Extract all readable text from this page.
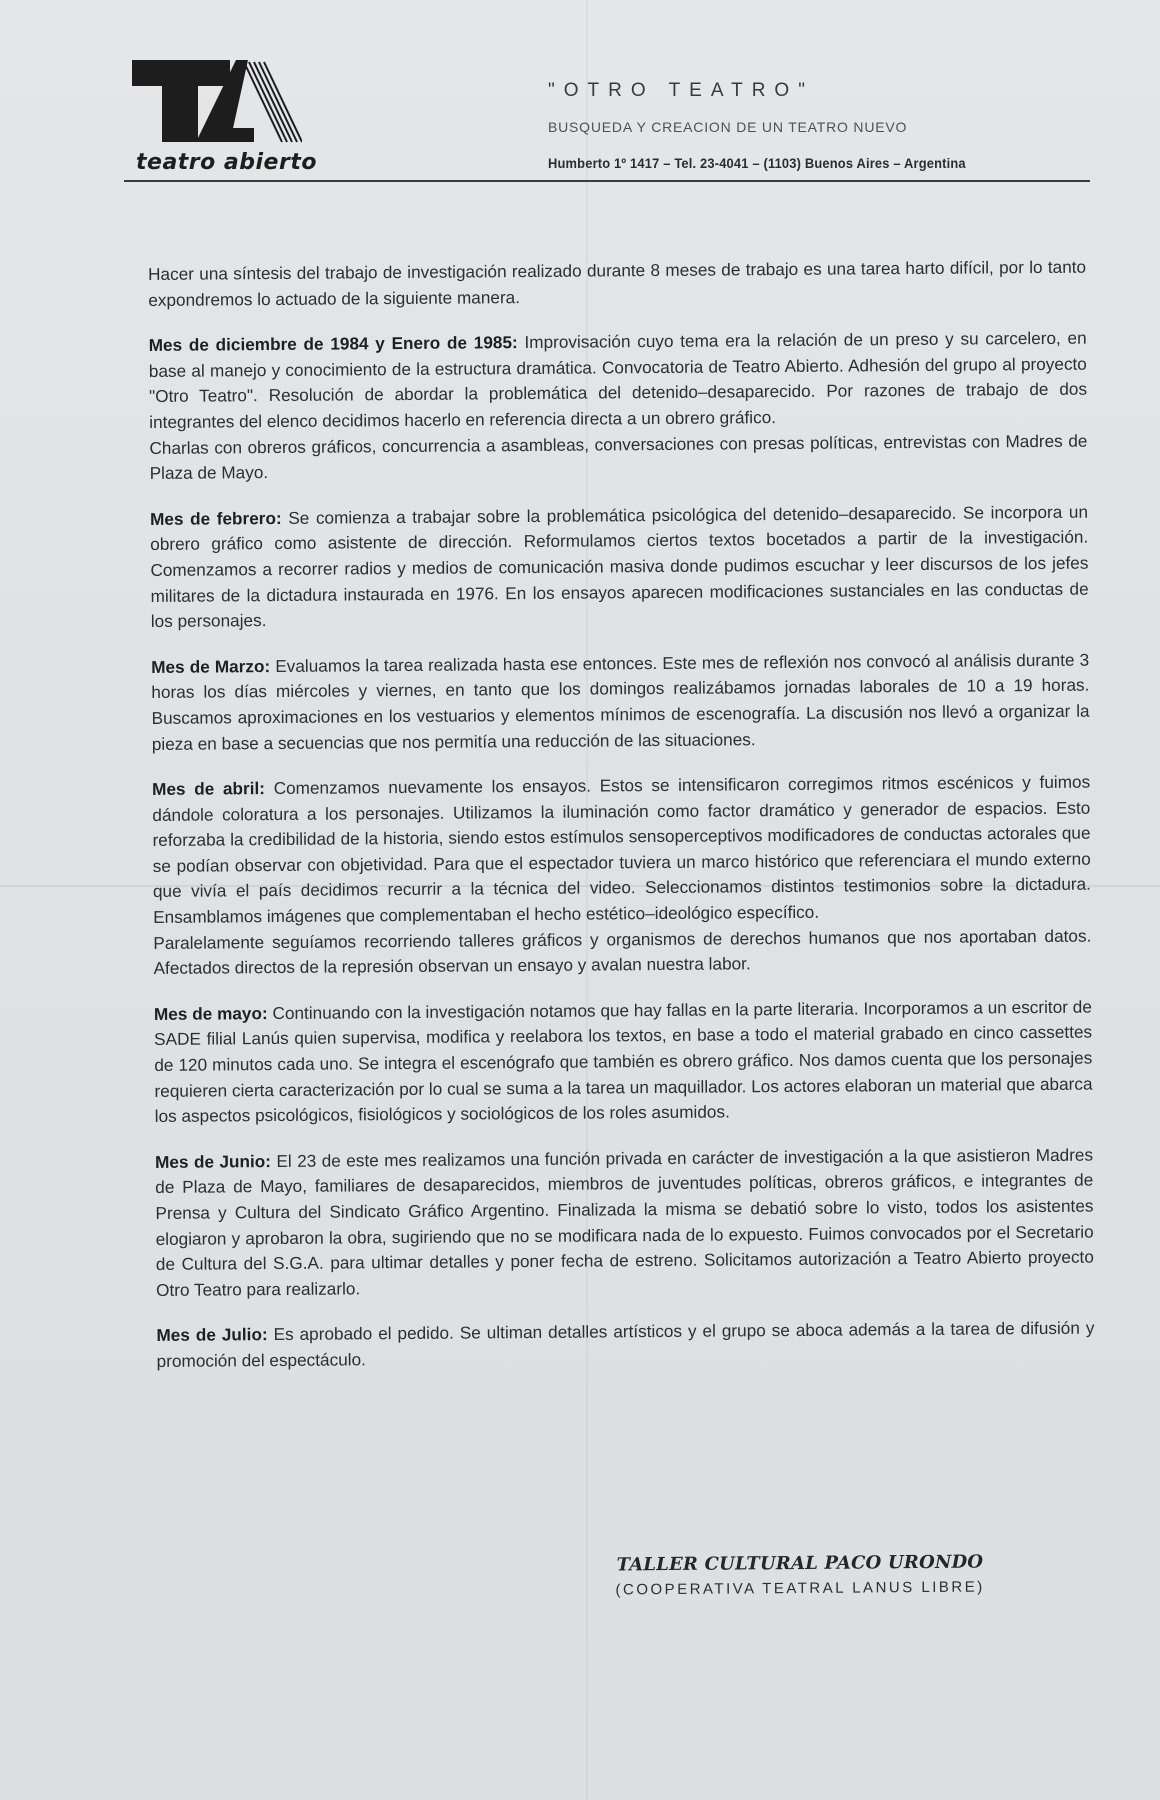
teatro abierto
"OTRO TEATRO"
BUSQUEDA Y CREACION DE UN TEATRO NUEVO
Humberto 1º 1417 – Tel. 23-4041 – (1103) Buenos Aires – Argentina

Hacer una síntesis del trabajo de investigación realizado durante 8 meses de trabajo es una tarea harto difícil, por lo tanto expondremos lo actuado de la siguiente manera.

Mes de diciembre de 1984 y Enero de 1985: Improvisación cuyo tema era la relación de un preso y su carcelero, en base al manejo y conocimiento de la estructura dramática. Convocatoria de Teatro Abierto. Adhesión del grupo al proyecto "Otro Teatro". Resolución de abordar la problemática del detenido–desaparecido. Por razones de trabajo de dos integrantes del elenco decidimos hacerlo en referencia directa a un obrero gráfico.

Charlas con obreros gráficos, concurrencia a asambleas, conversaciones con presas políticas, entrevistas con Madres de Plaza de Mayo.

Mes de febrero: Se comienza a trabajar sobre la problemática psicológica del detenido–desaparecido. Se incorpora un obrero gráfico como asistente de dirección. Reformulamos ciertos textos bocetados a partir de la investigación. Comenzamos a recorrer radios y medios de comunicación masiva donde pudimos escuchar y leer discursos de los jefes militares de la dictadura instaurada en 1976. En los ensayos aparecen modificaciones sustanciales en las conductas de los personajes.

Mes de Marzo: Evaluamos la tarea realizada hasta ese entonces. Este mes de reflexión nos convocó al análisis durante 3 horas los días miércoles y viernes, en tanto que los domingos realizábamos jornadas laborales de 10 a 19 horas. Buscamos aproximaciones en los vestuarios y elementos mínimos de escenografía. La discusión nos llevó a organizar la pieza en base a secuencias que nos permitía una reducción de las situaciones.

Mes de abril: Comenzamos nuevamente los ensayos. Estos se intensificaron corregimos ritmos escénicos y fuimos dándole coloratura a los personajes. Utilizamos la iluminación como factor dramático y generador de espacios. Esto reforzaba la credibilidad de la historia, siendo estos estímulos sensoperceptivos modificadores de conductas actorales que se podían observar con objetividad. Para que el espectador tuviera un marco histórico que referenciara el mundo externo que vivía el país decidimos recurrir a la técnica del video. Seleccionamos distintos testimonios sobre la dictadura. Ensamblamos imágenes que complementaban el hecho estético–ideológico específico.

Paralelamente seguíamos recorriendo talleres gráficos y organismos de derechos humanos que nos aportaban datos. Afectados directos de la represión observan un ensayo y avalan nuestra labor.

Mes de mayo: Continuando con la investigación notamos que hay fallas en la parte literaria. Incorporamos a un escritor de SADE filial Lanús quien supervisa, modifica y reelabora los textos, en base a todo el material grabado en cinco cassettes de 120 minutos cada uno. Se integra el escenógrafo que también es obrero gráfico. Nos damos cuenta que los personajes requieren cierta caracterización por lo cual se suma a la tarea un maquillador. Los actores elaboran un material que abarca los aspectos psicológicos, fisiológicos y sociológicos de los roles asumidos.

Mes de Junio: El 23 de este mes realizamos una función privada en carácter de investigación a la que asistieron Madres de Plaza de Mayo, familiares de desaparecidos, miembros de juventudes políticas, obreros gráficos, e integrantes de Prensa y Cultura del Sindicato Gráfico Argentino. Finalizada la misma se debatió sobre lo visto, todos los asistentes elogiaron y aprobaron la obra, sugiriendo que no se modificara nada de lo expuesto. Fuimos convocados por el Secretario de Cultura del S.G.A. para ultimar detalles y poner fecha de estreno. Solicitamos autorización a Teatro Abierto proyecto Otro Teatro para realizarlo.

Mes de Julio: Es aprobado el pedido. Se ultiman detalles artísticos y el grupo se aboca además a la tarea de difusión y promoción del espectáculo.

TALLER CULTURAL PACO URONDO
(COOPERATIVA TEATRAL LANUS LIBRE)
